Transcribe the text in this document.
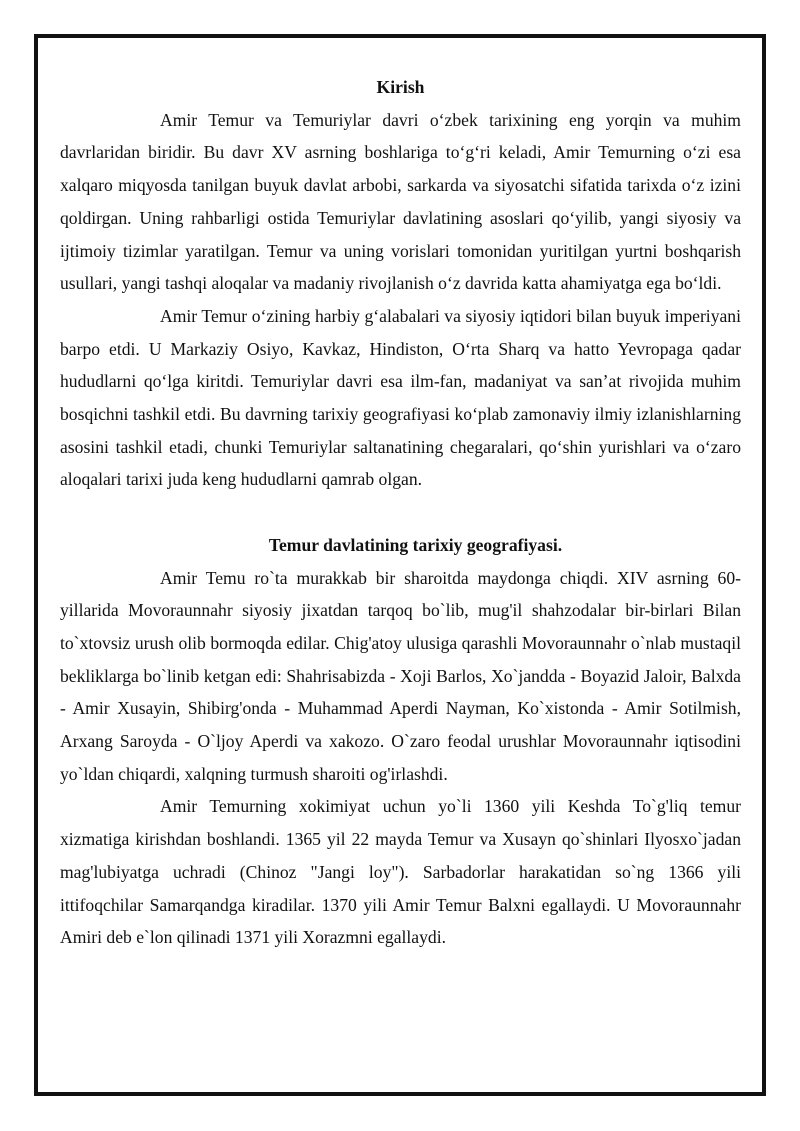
Kirish

Amir Temur va Temuriylar davri o‘zbek tarixining eng yorqin va muhim davrlaridan biridir. Bu davr XV asrning boshlariga to‘g‘ri keladi, Amir Temurning o‘zi esa xalqaro miqyosda tanilgan buyuk davlat arbobi, sarkarda va siyosatchi sifatida tarixda o‘z izini qoldirgan. Uning rahbarligi ostida Temuriylar davlatining asoslari qo‘yilib, yangi siyosiy va ijtimoiy tizimlar yaratilgan. Temur va uning vorislari tomonidan yuritilgan yurtni boshqarish usullari, yangi tashqi aloqalar va madaniy rivojlanish o‘z davrida katta ahamiyatga ega bo‘ldi.

Amir Temur o‘zining harbiy g‘alabalari va siyosiy iqtidori bilan buyuk imperiyani barpo etdi. U Markaziy Osiyo, Kavkaz, Hindiston, O‘rta Sharq va hatto Yevropaga qadar hududlarni qo‘lga kiritdi. Temuriylar davri esa ilm-fan, madaniyat va san’at rivojida muhim bosqichni tashkil etdi. Bu davrning tarixiy geografiyasi ko‘plab zamonaviy ilmiy izlanishlarning asosini tashkil etadi, chunki Temuriylar saltanatining chegaralari, qo‘shin yurishlari va o‘zaro aloqalari tarixi juda keng hududlarni qamrab olgan.

Temur davlatining tarixiy geografiyasi.

Amir Temu ro`ta murakkab bir sharoitda maydonga chiqdi. XIV asrning 60-yillarida Movoraunnahr siyosiy jixatdan tarqoq bo`lib, mug'il shahzodalar bir-birlari Bilan to`xtovsiz urush olib bormoqda edilar. Chig'atoy ulusiga qarashli Movoraunnahr o`nlab mustaqil bekliklarga bo`linib ketgan edi: Shahrisabizda - Xoji Barlos, Xo`jandda - Boyazid Jaloir, Balxda - Amir Xusayin, Shibirg'onda - Muhammad Aperdi Nayman, Ko`xistonda - Amir Sotilmish, Arxang Saroyda - O`ljoy Aperdi va xakozo. O`zaro feodal urushlar Movoraunnahr iqtisodini yo`ldan chiqardi, xalqning turmush sharoiti og'irlashdi.

Amir Temurning xokimiyat uchun yo`li 1360 yili Keshda To`g'liq temur xizmatiga kirishdan boshlandi. 1365 yil 22 mayda Temur va Xusayn qo`shinlari Ilyosxo`jadan mag'lubiyatga uchradi (Chinoz "Jangi loy"). Sarbadorlar harakatidan so`ng 1366 yili ittifoqchilar Samarqandga kiradilar. 1370 yili Amir Temur Balxni egallaydi. U Movoraunnahr Amiri deb e`lon qilinadi 1371 yili Xorazmni egallaydi.
